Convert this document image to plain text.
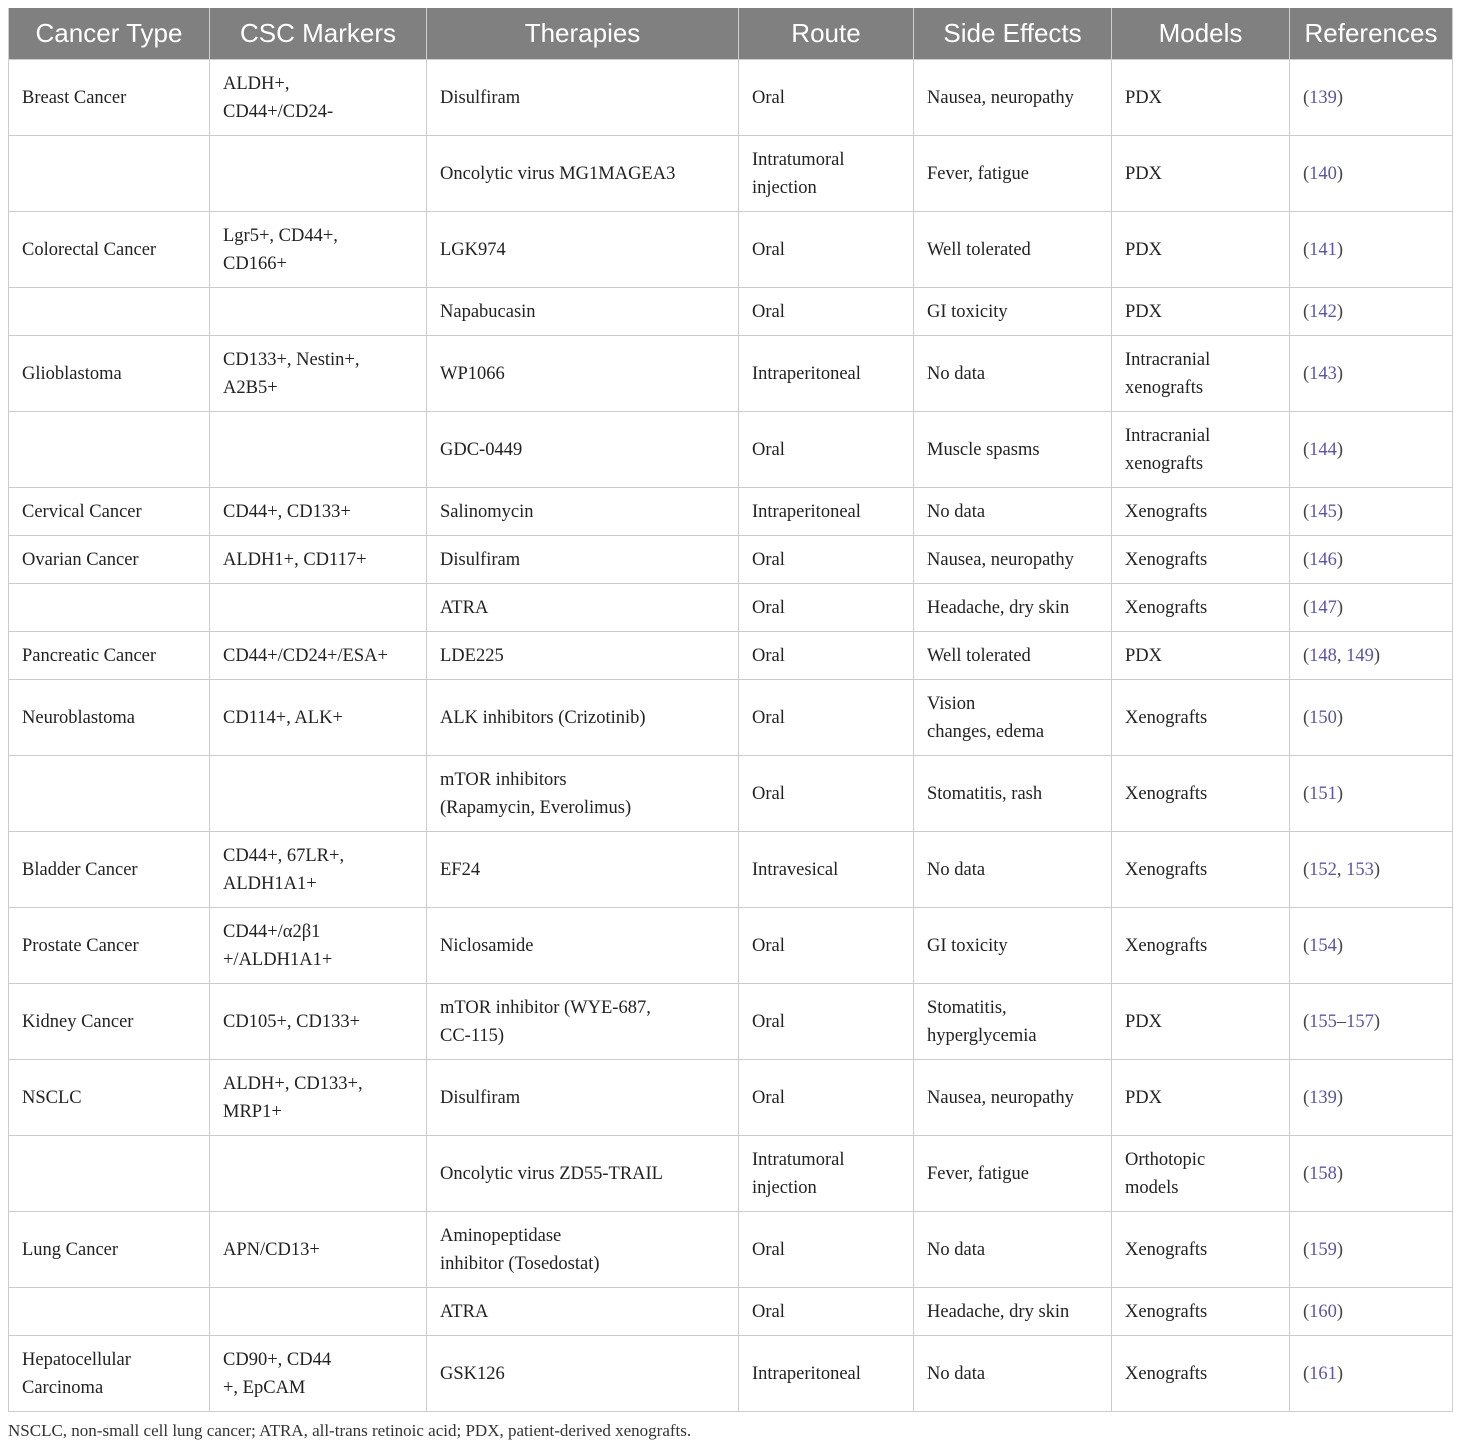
Cancer Type	CSC Markers	Therapies	Route	Side Effects	Models	References

Breast Cancer	ALDH+,
CD44+/CD24-	Disulfiram	Oral	Nausea, neuropathy	PDX	(139)

		Oncolytic virus MG1MAGEA3	Intratumoral
injection	Fever, fatigue	PDX	(140)

Colorectal Cancer	Lgr5+, CD44+,
CD166+	LGK974	Oral	Well tolerated	PDX	(141)

		Napabucasin	Oral	GI toxicity	PDX	(142)

Glioblastoma	CD133+, Nestin+,
A2B5+	WP1066	Intraperitoneal	No data	Intracranial
xenografts	(143)

		GDC-0449	Oral	Muscle spasms	Intracranial
xenografts	(144)

Cervical Cancer	CD44+, CD133+	Salinomycin	Intraperitoneal	No data	Xenografts	(145)

Ovarian Cancer	ALDH1+, CD117+	Disulfiram	Oral	Nausea, neuropathy	Xenografts	(146)

		ATRA	Oral	Headache, dry skin	Xenografts	(147)

Pancreatic Cancer	CD44+/CD24+/ESA+	LDE225	Oral	Well tolerated	PDX	(148, 149)

Neuroblastoma	CD114+, ALK+	ALK inhibitors (Crizotinib)	Oral	Vision
changes, edema	Xenografts	(150)

		mTOR inhibitors
(Rapamycin, Everolimus)	Oral	Stomatitis, rash	Xenografts	(151)

Bladder Cancer	CD44+, 67LR+,
ALDH1A1+	EF24	Intravesical	No data	Xenografts	(152, 153)

Prostate Cancer	CD44+/α2β1
+/ALDH1A1+	Niclosamide	Oral	GI toxicity	Xenografts	(154)

Kidney Cancer	CD105+, CD133+	mTOR inhibitor (WYE-687,
CC-115)	Oral	Stomatitis,
hyperglycemia	PDX	(155–157)

NSCLC	ALDH+, CD133+,
MRP1+	Disulfiram	Oral	Nausea, neuropathy	PDX	(139)

		Oncolytic virus ZD55-TRAIL	Intratumoral
injection	Fever, fatigue	Orthotopic
models	(158)

Lung Cancer	APN/CD13+	Aminopeptidase
inhibitor (Tosedostat)	Oral	No data	Xenografts	(159)

		ATRA	Oral	Headache, dry skin	Xenografts	(160)

Hepatocellular
Carcinoma	CD90+, CD44
+, EpCAM	GSK126	Intraperitoneal	No data	Xenografts	(161)
NSCLC, non-small cell lung cancer; ATRA, all-trans retinoic acid; PDX, patient-derived xenografts.
